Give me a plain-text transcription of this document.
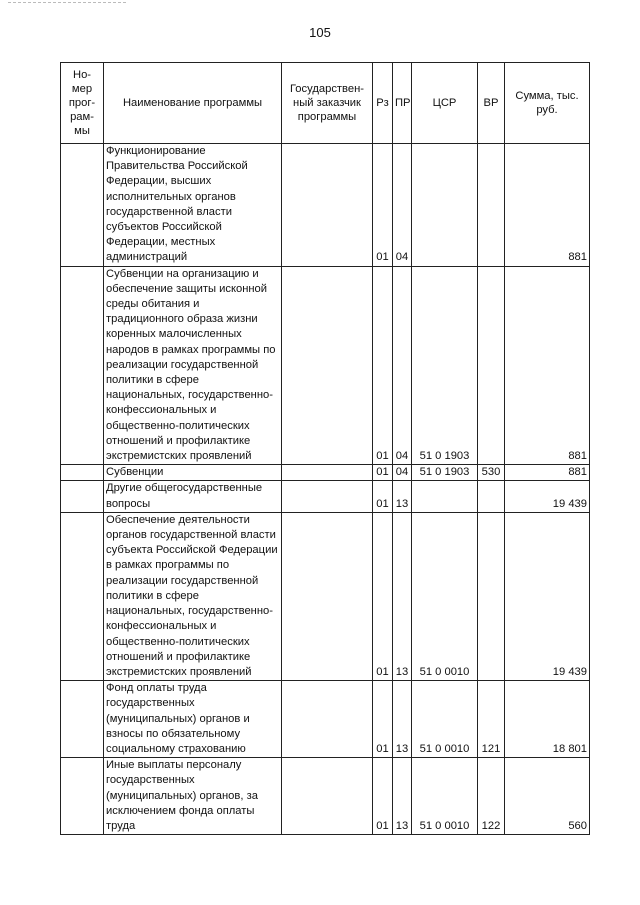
105
Но- мер прог- рам- мы	Наименование программы	Государствен- ный заказчик программы	Рз	ПР	ЦСР	ВР	Сумма, тыс. руб.
	Функционирование Правительства Российской Федерации, высших исполнительных органов государственной власти субъектов Российской Федерации, местных администраций		01	04			881
	Субвенции на организацию и обеспечение защиты исконной среды обитания и традиционного образа жизни коренных малочисленных народов в рамках программы по реализации государственной политики в сфере национальных, государственно-конфессиональных и общественно-политических отношений и профилактике экстремистских проявлений		01	04	51 0 1903		881
	Субвенции		01	04	51 0 1903	530	881
	Другие общегосударственные вопросы		01	13			19 439
	Обеспечение деятельности органов государственной власти субъекта Российской Федерации в рамках программы по реализации государственной политики в сфере национальных, государственно-конфессиональных и общественно-политических отношений и профилактике экстремистских проявлений		01	13	51 0 0010		19 439
	Фонд оплаты труда государственных (муниципальных) органов и взносы по обязательному социальному страхованию		01	13	51 0 0010	121	18 801
	Иные выплаты персоналу государственных (муниципальных) органов, за исключением фонда оплаты труда		01	13	51 0 0010	122	560
